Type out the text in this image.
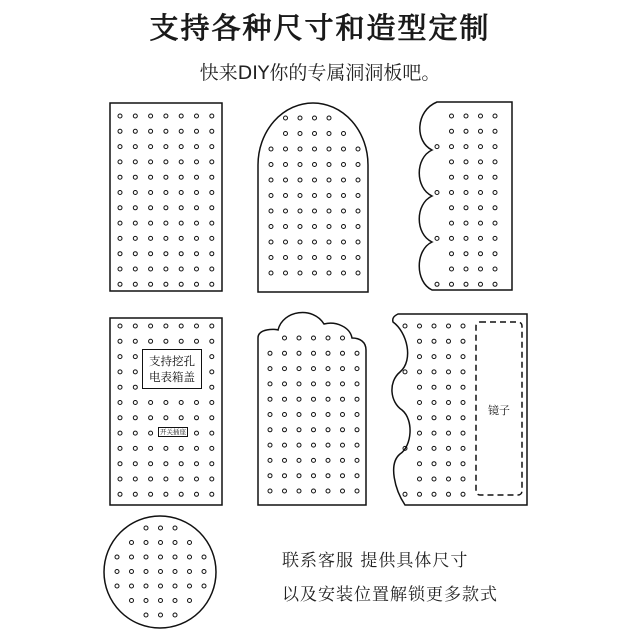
支持各种尺寸和造型定制
快来DIY你的专属洞洞板吧。
支持挖孔
电表箱盖
开关插座
镜子
联系客服 提供具体尺寸
以及安装位置解锁更多款式
